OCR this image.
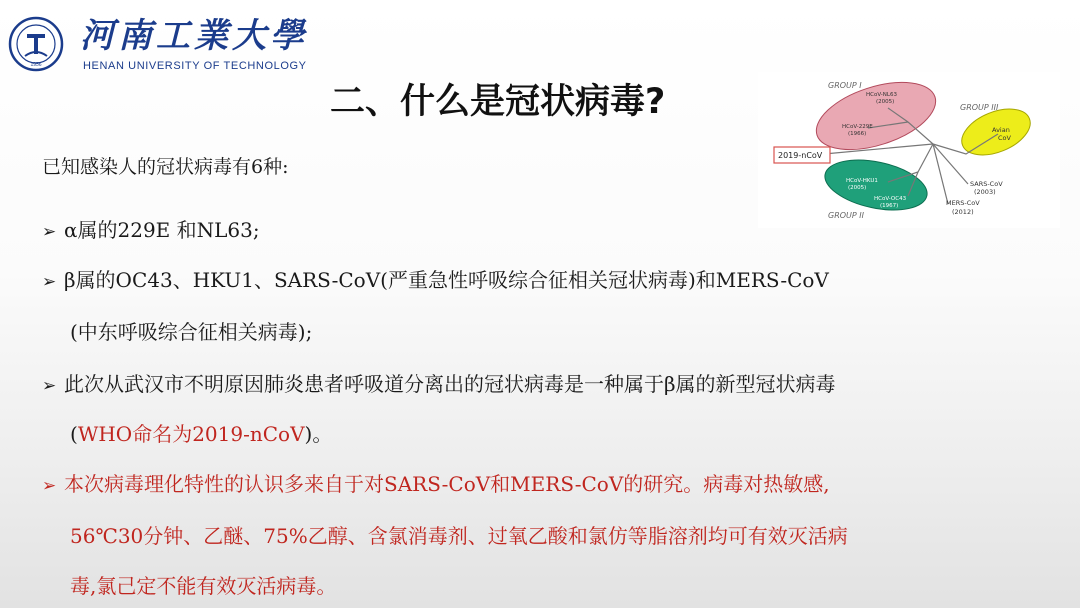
1956
河南工業大學
HENAN UNIVERSITY OF TECHNOLOGY
二、什么是冠状病毒?	GROUP I
GROUP II
GROUP III
HCoV-NL63
(2005)
HCoV-229E
(1966)
HCoV-HKU1
(2005)
HCoV-OC43
(1967)
Avian
CoV
SARS-CoV
(2003)
MERS-CoV
(2012)
2019-nCoV
已知感染人的冠状病毒有6种:
➢ α属的229E 和NL63;
➢ β属的OC43、HKU1、SARS-CoV(严重急性呼吸综合征相关冠状病毒)和MERS-CoV
(中东呼吸综合征相关病毒);
➢ 此次从武汉市不明原因肺炎患者呼吸道分离出的冠状病毒是一种属于β属的新型冠状病毒
(WHO命名为2019-nCoV)。
➢ 本次病毒理化特性的认识多来自于对SARS-CoV和MERS-CoV的研究。病毒对热敏感,
56℃30分钟、乙醚、75%乙醇、含氯消毒剂、过氧乙酸和氯仿等脂溶剂均可有效灭活病
毒,氯己定不能有效灭活病毒。
